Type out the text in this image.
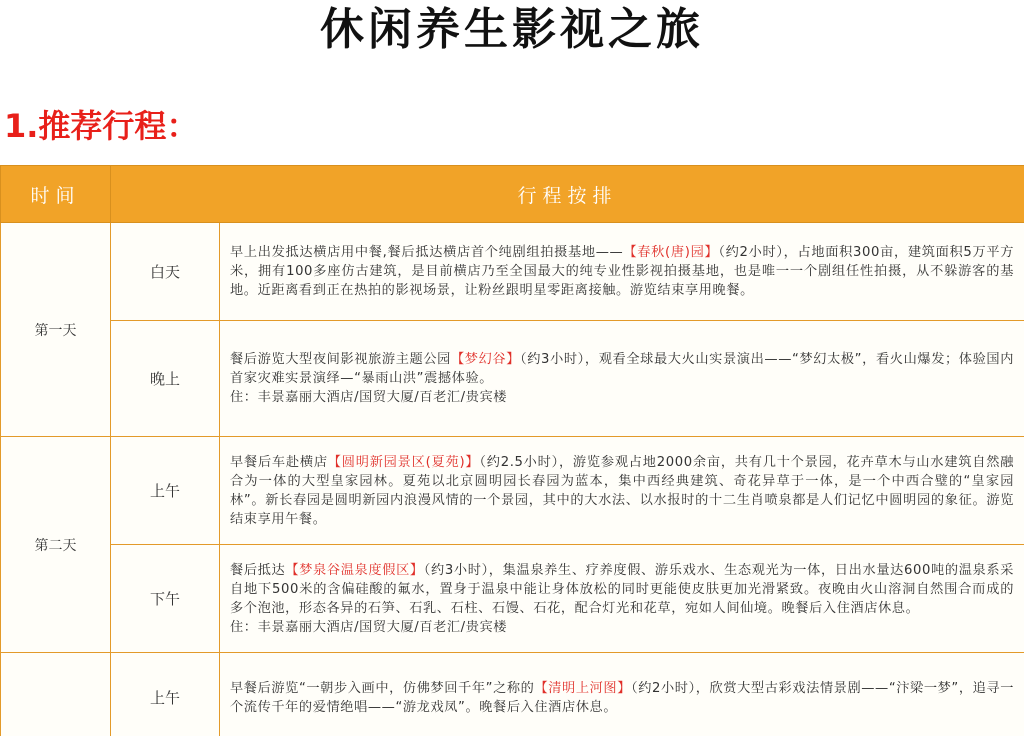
休闲养生影视之旅
1.推荐行程：
时间	行程按排	
第一天	白天	早上出发抵达横店用中餐,餐后抵达横店首个纯剧组拍摄基地——【春秋(唐)园】（约2小时），占地面积300亩，建筑面积5万平方米，拥有100多座仿古建筑，是目前横店乃至全国最大的纯专业性影视拍摄基地，也是唯一一个剧组任性拍摄，从不躲游客的基地。近距离看到正在热拍的影视场景，让粉丝跟明星零距离接触。游览结束享用晚餐。
	晚上	餐后游览大型夜间影视旅游主题公园【梦幻谷】（约3小时），观看全球最大火山实景演出——“梦幻太极”，看火山爆发；体验国内首家灾难实景演绎—“暴雨山洪”震撼体验。
住：丰景嘉丽大酒店/国贸大厦/百老汇/贵宾楼
第二天	上午	早餐后车赴横店【圆明新园景区(夏苑)】（约2.5小时），游览参观占地2000余亩，共有几十个景园，花卉草木与山水建筑自然融合为一体的大型皇家园林。夏苑以北京圆明园长春园为蓝本，集中西经典建筑、奇花异草于一体，是一个中西合璧的“皇家园林”。新长春园是圆明新园内浪漫风情的一个景园，其中的大水法、以水报时的十二生肖喷泉都是人们记忆中圆明园的象征。游览结束享用午餐。
	下午	餐后抵达【梦泉谷温泉度假区】（约3小时），集温泉养生、疗养度假、游乐戏水、生态观光为一体，日出水量达600吨的温泉系采自地下500米的含偏硅酸的氟水，置身于温泉中能让身体放松的同时更能使皮肤更加光滑紧致。夜晚由火山溶洞自然围合而成的多个泡池，形态各异的石笋、石乳、石柱、石馒、石花，配合灯光和花草，宛如人间仙境。晚餐后入住酒店休息。
住：丰景嘉丽大酒店/国贸大厦/百老汇/贵宾楼
	上午	早餐后游览“一朝步入画中，仿佛梦回千年”之称的【清明上河图】（约2小时），欣赏大型古彩戏法情景剧——“汴梁一梦”，追寻一个流传千年的爱情绝唱——“游龙戏凤”。晚餐后入住酒店休息。
